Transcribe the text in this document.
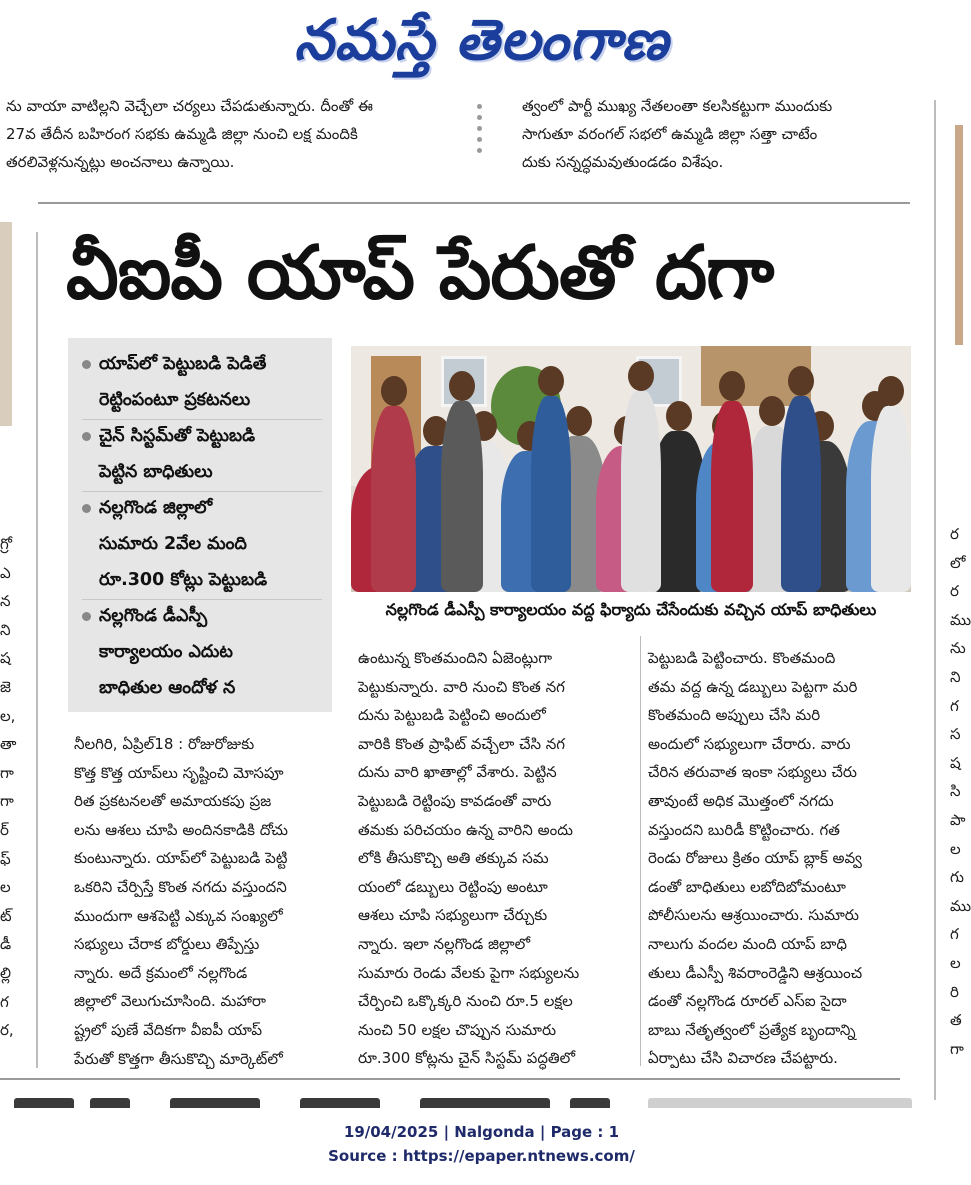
నమస్తే తెలంగాణ

ను వాయా వాటిల్లని వెచ్చేలా చర్యలు చేపడుతున్నారు. దీంతో ఈ

27వ తేదీన బహిరంగ సభకు ఉమ్మడి జిల్లా నుంచి లక్ష మందికి

తరలివెళ్లనున్నట్లు అంచనాలు ఉన్నాయి.

త్వంలో పార్టీ ముఖ్య నేతలంతా కలసికట్టుగా ముందుకు

సాగుతూ వరంగల్ సభలో ఉమ్మడి జిల్లా సత్తా చాటేం

దుకు సన్నద్ధమవుతుండడం విశేషం.

గ్రో

ఎ

న

ని

ష

జె

ల,

తా

గా

గా

ర్

ఫ్

ల

ట్

డీ

ల్లి

గ

ర,

ర

లో

ర

ము

ను

ని

గ

స

ష

సి

పా

ల

గు

ము

గ

ల

రి

త

గా

వీఐపీ యాప్ పేరుతో దగా

యాప్‌లో పెట్టుబడి పెడితే

రెట్టింపంటూ ప్రకటనలు

చైన్ సిస్టమ్‌తో పెట్టుబడి

పెట్టిన బాధితులు

నల్లగొండ జిల్లాలో

సుమారు 2వేల మంది

రూ.300 కోట్లు పెట్టుబడి

నల్లగొండ డీఎస్పీ

కార్యాలయం ఎదుట

బాధితుల ఆందోళ న

నల్లగొండ డీఎస్పీ కార్యాలయం వద్ద ఫిర్యాదు చేసేందుకు వచ్చిన యాప్ బాధితులు

నీలగిరి, ఏప్రిల్18 : రోజురోజుకు

కొత్త కొత్త యాప్‌లు సృష్టించి మోసపూ

రిత ప్రకటనలతో అమాయకపు ప్రజ

లను ఆశలు చూపి అందినకాడికి దోచు

కుంటున్నారు. యాప్‌లో పెట్టుబడి పెట్టి

ఒకరిని చేర్పిస్తే కొంత నగదు వస్తుందని

ముందుగా ఆశపెట్టి ఎక్కువ సంఖ్యలో

సభ్యులు చేరాక బోర్డులు తిప్పేస్తు

న్నారు. అదే క్రమంలో నల్లగొండ

జిల్లాలో వెలుగుచూసింది. మహారా

ష్ట్రలో పుణే వేదికగా వీఐపీ యాప్

పేరుతో కొత్తగా తీసుకొచ్చి మార్కెట్‌లో

ఉంటున్న కొంతమందిని ఏజెంట్లుగా

పెట్టుకున్నారు. వారి నుంచి కొంత నగ

దును పెట్టుబడి పెట్టించి అందులో

వారికి కొంత ప్రాఫిట్ వచ్చేలా చేసి నగ

దును వారి ఖాతాల్లో వేశారు. పెట్టిన

పెట్టుబడి రెట్టింపు కావడంతో వారు

తమకు పరిచయం ఉన్న వారిని అందు

లోకి తీసుకొచ్చి అతి తక్కువ సమ

యంలో డబ్బులు రెట్టింపు అంటూ

ఆశలు చూపి సభ్యులుగా చేర్చుకు

న్నారు. ఇలా నల్లగొండ జిల్లాలో

సుమారు రెండు వేలకు పైగా సభ్యులను

చేర్పించి ఒక్కొక్కరి నుంచి రూ.5 లక్షల

నుంచి 50 లక్షల చొప్పున సుమారు

రూ.300 కోట్లను చైన్ సిస్టమ్ పద్ధతిలో

పెట్టుబడి పెట్టించారు. కొంతమంది

తమ వద్ద ఉన్న డబ్బులు పెట్టగా మరి

కొంతమంది అప్పులు చేసి మరి

అందులో సభ్యులుగా చేరారు. వారు

చేరిన తరువాత ఇంకా సభ్యులు చేరు

తావుంటే అధిక మొత్తంలో నగదు

వస్తుందని బురిడీ కొట్టించారు. గత

రెండు రోజులు క్రితం యాప్ బ్లాక్ అవ్వ

డంతో బాధితులు లబోదిబోమంటూ

పోలీసులను ఆశ్రయించారు. సుమారు

నాలుగు వందల మంది యాప్ బాధి

తులు డీఎస్పీ శివరాంరెడ్డిని ఆశ్రయించ

డంతో నల్లగొండ రూరల్ ఎస్ఐ సైదా

బాబు నేతృత్వంలో ప్రత్యేక బృందాన్ని

ఏర్పాటు చేసి విచారణ చేపట్టారు.

19/04/2025 | Nalgonda | Page : 1
Source : https://epaper.ntnews.com/
